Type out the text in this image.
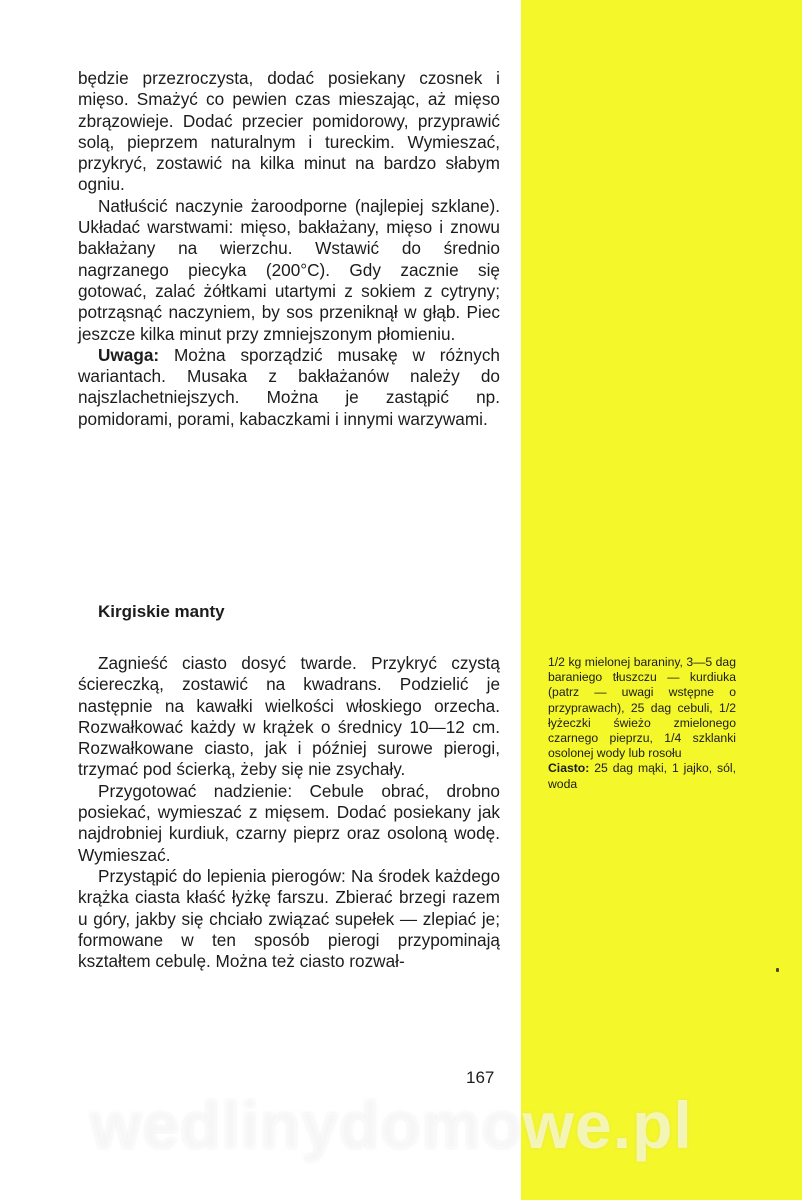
będzie przezroczysta, dodać posiekany czosnek i mięso. Smażyć co pewien czas mieszając, aż mięso zbrązowieje. Dodać przecier pomidorowy, przyprawić solą, pieprzem naturalnym i tureckim. Wymieszać, przykryć, zostawić na kilka minut na bardzo słabym ogniu.

Natłuścić naczynie żaroodporne (najlepiej szklane). Układać warstwami: mięso, bakłażany, mięso i znowu bakłażany na wierzchu. Wstawić do średnio nagrzanego piecyka (200°C). Gdy zacznie się gotować, zalać żółtkami utartymi z sokiem z cytryny; potrząsnąć naczyniem, by sos przeniknął w głąb. Piec jeszcze kilka minut przy zmniejszonym płomieniu.

Uwaga: Można sporządzić musakę w różnych wariantach. Musaka z bakłażanów należy do najszlachetniejszych. Można je zastąpić np. pomidorami, porami, kabaczkami i innymi warzywami.

Kirgiskie manty

Zagnieść ciasto dosyć twarde. Przykryć czystą ściereczką, zostawić na kwadrans. Podzielić je następnie na kawałki wielkości włoskiego orzecha. Rozwałkować każdy w krążek o średnicy 10—12 cm. Rozwałkowane ciasto, jak i później surowe pierogi, trzymać pod ścierką, żeby się nie zsychały.

Przygotować nadzienie: Cebule obrać, drobno posiekać, wymieszać z mięsem. Dodać posiekany jak najdrobniej kurdiuk, czarny pieprz oraz osoloną wodę. Wymieszać.

Przystąpić do lepienia pierogów: Na środek każdego krążka ciasta kłaść łyżkę farszu. Zbierać brzegi razem u góry, jakby się chciało związać supełek — zlepiać je; formowane w ten sposób pierogi przypominają kształtem cebulę. Można też ciasto rozwał-

1/2 kg mielonej baraniny, 3—5 dag baraniego tłuszczu — kurdiuka (patrz — uwagi wstępne o przyprawach), 25 dag cebuli, 1/2 łyżeczki świeżo zmielonego czarnego pieprzu, 1/4 szklanki osolonej wody lub rosołu
Ciasto: 25 dag mąki, 1 jajko, sól, woda
167
wedlinydomowe.pl
